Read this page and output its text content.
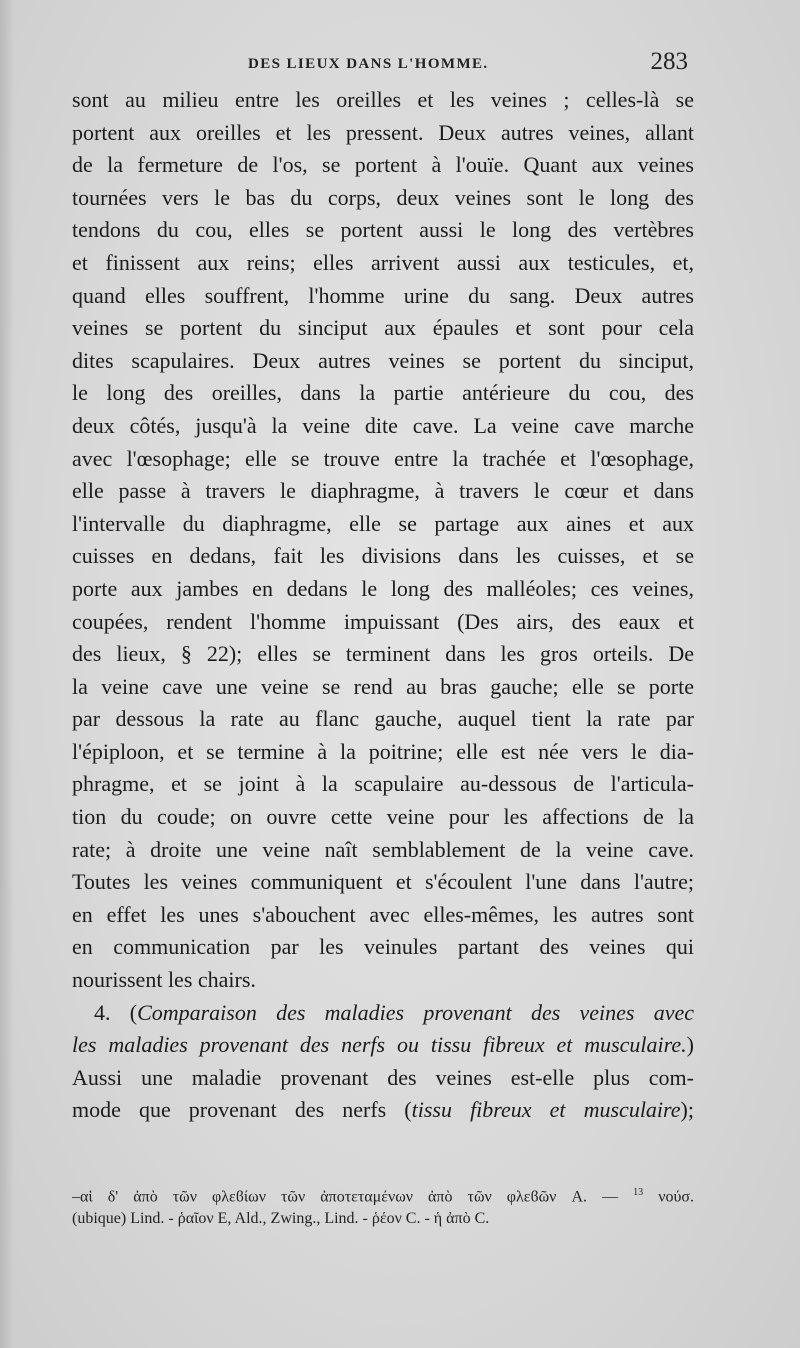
DES LIEUX DANS L'HOMME.	283
sont au milieu entre les oreilles et les veines ; celles-là se
portent aux oreilles et les pressent. Deux autres veines, allant
de la fermeture de l'os, se portent à l'ouïe. Quant aux veines
tournées vers le bas du corps, deux veines sont le long des
tendons du cou, elles se portent aussi le long des vertèbres
et finissent aux reins; elles arrivent aussi aux testicules, et,
quand elles souffrent, l'homme urine du sang. Deux autres
veines se portent du sinciput aux épaules et sont pour cela
dites scapulaires. Deux autres veines se portent du sinciput,
le long des oreilles, dans la partie antérieure du cou, des
deux côtés, jusqu'à la veine dite cave. La veine cave marche
avec l'œsophage; elle se trouve entre la trachée et l'œsophage,
elle passe à travers le diaphragme, à travers le cœur et dans
l'intervalle du diaphragme, elle se partage aux aines et aux
cuisses en dedans, fait les divisions dans les cuisses, et se
porte aux jambes en dedans le long des malléoles; ces veines,
coupées, rendent l'homme impuissant (Des airs, des eaux et
des lieux, § 22); elles se terminent dans les gros orteils. De
la veine cave une veine se rend au bras gauche; elle se porte
par dessous la rate au flanc gauche, auquel tient la rate par
l'épiploon, et se termine à la poitrine; elle est née vers le dia-
phragme, et se joint à la scapulaire au-dessous de l'articula-
tion du coude; on ouvre cette veine pour les affections de la
rate; à droite une veine naît semblablement de la veine cave.
Toutes les veines communiquent et s'écoulent l'une dans l'autre;
en effet les unes s'abouchent avec elles-mêmes, les autres sont
en communication par les veinules partant des veines qui
nourissent les chairs.
4. (Comparaison des maladies provenant des veines avec
les maladies provenant des nerfs ou tissu fibreux et musculaire.)
Aussi une maladie provenant des veines est-elle plus com-
mode que provenant des nerfs (tissu fibreux et musculaire);
–αἱ δ' ἀπὸ τῶν φλεϐίων τῶν ἀποτεταμένων ἀπὸ τῶν φλεϐῶν A. — $^{13}$ νούσ.
(ubique) Lind. - ῥαῖον E, Ald., Zwing., Lind. - ῥέον C. - ἡ ἀπὸ C.
